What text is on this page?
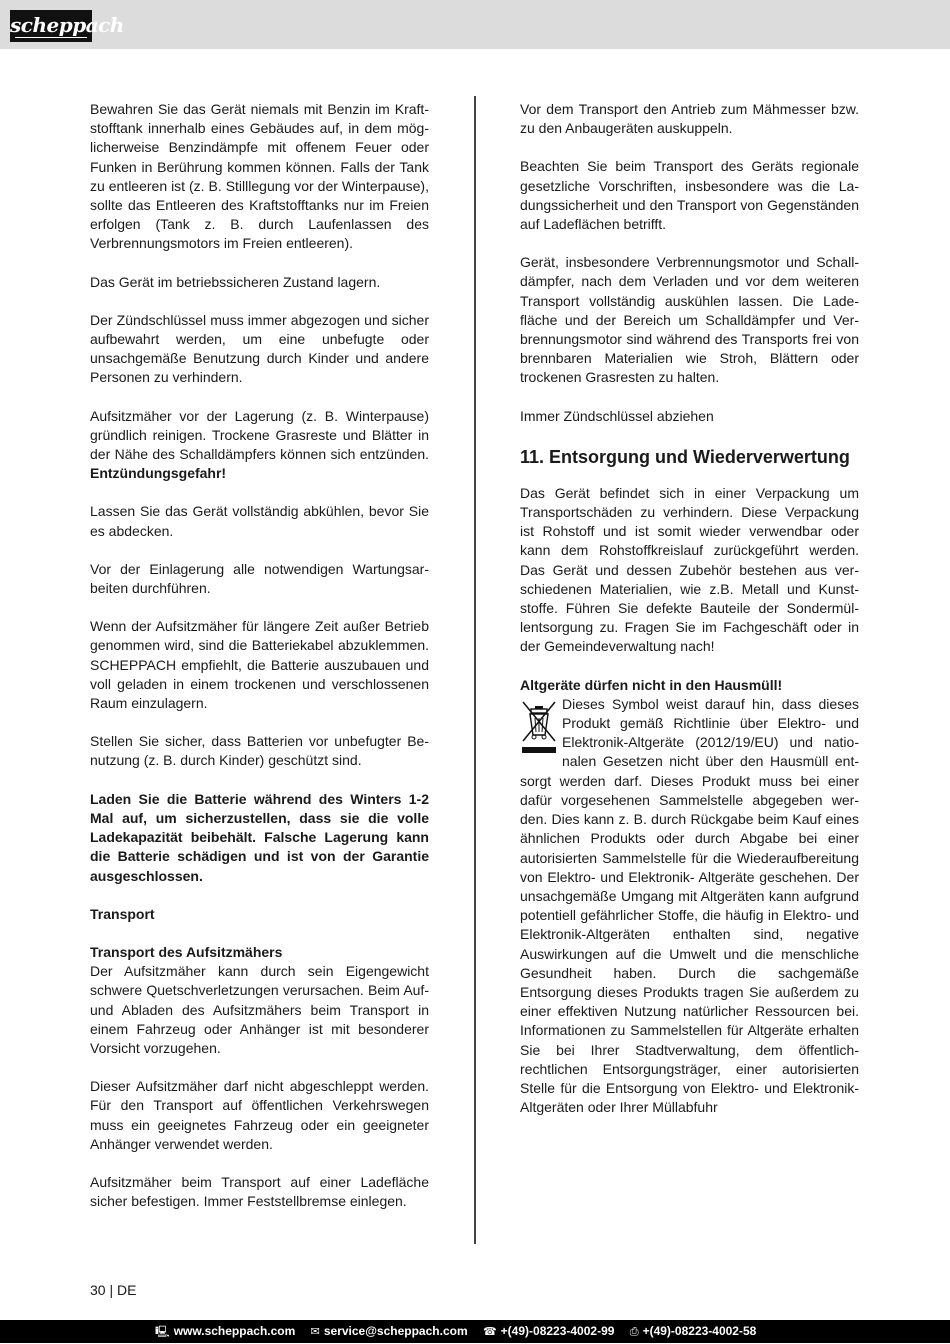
scheppach

Bewahren Sie das Gerät niemals mit Benzin im Kraftstofftank innerhalb eines Gebäudes auf, in dem möglicherweise Benzindämpfe mit offenem Feuer oder Funken in Berührung kommen können. Falls der Tank zu entleeren ist (z. B. Stilllegung vor der Winterpause), sollte das Entleeren des Kraftstofftanks nur im Freien erfolgen (Tank z. B. durch Laufenlassen des Verbrennungsmotors im Freien entleeren).

Das Gerät im betriebssicheren Zustand lagern.

Der Zündschlüssel muss immer abgezogen und sicher aufbewahrt werden, um eine unbefugte oder unsachgemäße Benutzung durch Kinder und andere Personen zu verhindern.

Aufsitzmäher vor der Lagerung (z. B. Winterpause) gründlich reinigen. Trockene Grasreste und Blätter in der Nähe des Schalldämpfers können sich entzünden. Entzündungsgefahr!

Lassen Sie das Gerät vollständig abkühlen, bevor Sie es abdecken.

Vor der Einlagerung alle notwendigen Wartungsarbeiten durchführen.

Wenn der Aufsitzmäher für längere Zeit außer Betrieb genommen wird, sind die Batteriekabel abzuklemmen. SCHEPPACH empfiehlt, die Batterie auszubauen und voll geladen in einem trockenen und verschlossenen Raum einzulagern.

Stellen Sie sicher, dass Batterien vor unbefugter Benutzung (z. B. durch Kinder) geschützt sind.

Laden Sie die Batterie während des Winters 1-2 Mal auf, um sicherzustellen, dass sie die volle Ladekapazität beibehält. Falsche Lagerung kann die Batterie schädigen und ist von der Garantie ausgeschlossen.

Transport

Transport des Aufsitzmähers

Der Aufsitzmäher kann durch sein Eigengewicht schwere Quetschverletzungen verursachen. Beim Auf- und Abladen des Aufsitzmähers beim Transport in einem Fahrzeug oder Anhänger ist mit besonderer Vorsicht vorzugehen.

Dieser Aufsitzmäher darf nicht abgeschleppt werden. Für den Transport auf öffentlichen Verkehrswegen muss ein geeignetes Fahrzeug oder ein geeigneter Anhänger verwendet werden.

Aufsitzmäher beim Transport auf einer Ladefläche sicher befestigen. Immer Feststellbremse einlegen.

Vor dem Transport den Antrieb zum Mähmesser bzw. zu den Anbaugeräten auskuppeln.

Beachten Sie beim Transport des Geräts regionale gesetzliche Vorschriften, insbesondere was die Ladungssicherheit und den Transport von Gegenständen auf Ladeflächen betrifft.

Gerät, insbesondere Verbrennungsmotor und Schalldämpfer, nach dem Verladen und vor dem weiteren Transport vollständig auskühlen lassen. Die Ladefläche und der Bereich um Schalldämpfer und Verbrennungsmotor sind während des Transports frei von brennbaren Materialien wie Stroh, Blättern oder trockenen Grasresten zu halten.

Immer Zündschlüssel abziehen

11. Entsorgung und Wiederverwertung

Das Gerät befindet sich in einer Verpackung um Transportschäden zu verhindern. Diese Verpackung ist Rohstoff und ist somit wieder verwendbar oder kann dem Rohstoffkreislauf zurückgeführt werden. Das Gerät und dessen Zubehör bestehen aus verschiedenen Materialien, wie z.B. Metall und Kunststoffe. Führen Sie defekte Bauteile der Sondermüllentsorgung zu. Fragen Sie im Fachgeschäft oder in der Gemeindeverwaltung nach!

Altgeräte dürfen nicht in den Hausmüll!

Dieses Symbol weist darauf hin, dass dieses Produkt gemäß Richtlinie über Elektro- und Elektronik-Altgeräte (2012/19/EU) und nationalen Gesetzen nicht über den Hausmüll entsorgt werden darf. Dieses Produkt muss bei einer dafür vorgesehenen Sammelstelle abgegeben werden. Dies kann z. B. durch Rückgabe beim Kauf eines ähnlichen Produkts oder durch Abgabe bei einer autorisierten Sammelstelle für die Wiederaufbereitung von Elektro- und Elektronik- Altgeräte geschehen. Der unsachgemäße Umgang mit Altgeräten kann aufgrund potentiell gefährlicher Stoffe, die häufig in Elektro- und Elektronik-Altgeräten enthalten sind, negative Auswirkungen auf die Umwelt und die menschliche Gesundheit haben. Durch die sachgemäße Entsorgung dieses Produkts tragen Sie außerdem zu einer effektiven Nutzung natürlicher Ressourcen bei. Informationen zu Sammelstellen für Altgeräte erhalten Sie bei Ihrer Stadtverwaltung, dem öffentlich-rechtlichen Entsorgungsträger, einer autorisierten Stelle für die Entsorgung von Elektro- und Elektronik-Altgeräten oder Ihrer Müllabfuhr

30 | DE
🖳 www.scheppach.com ✉ service@scheppach.com ☎ +(49)-08223-4002-99 ⎙ +(49)-08223-4002-58
